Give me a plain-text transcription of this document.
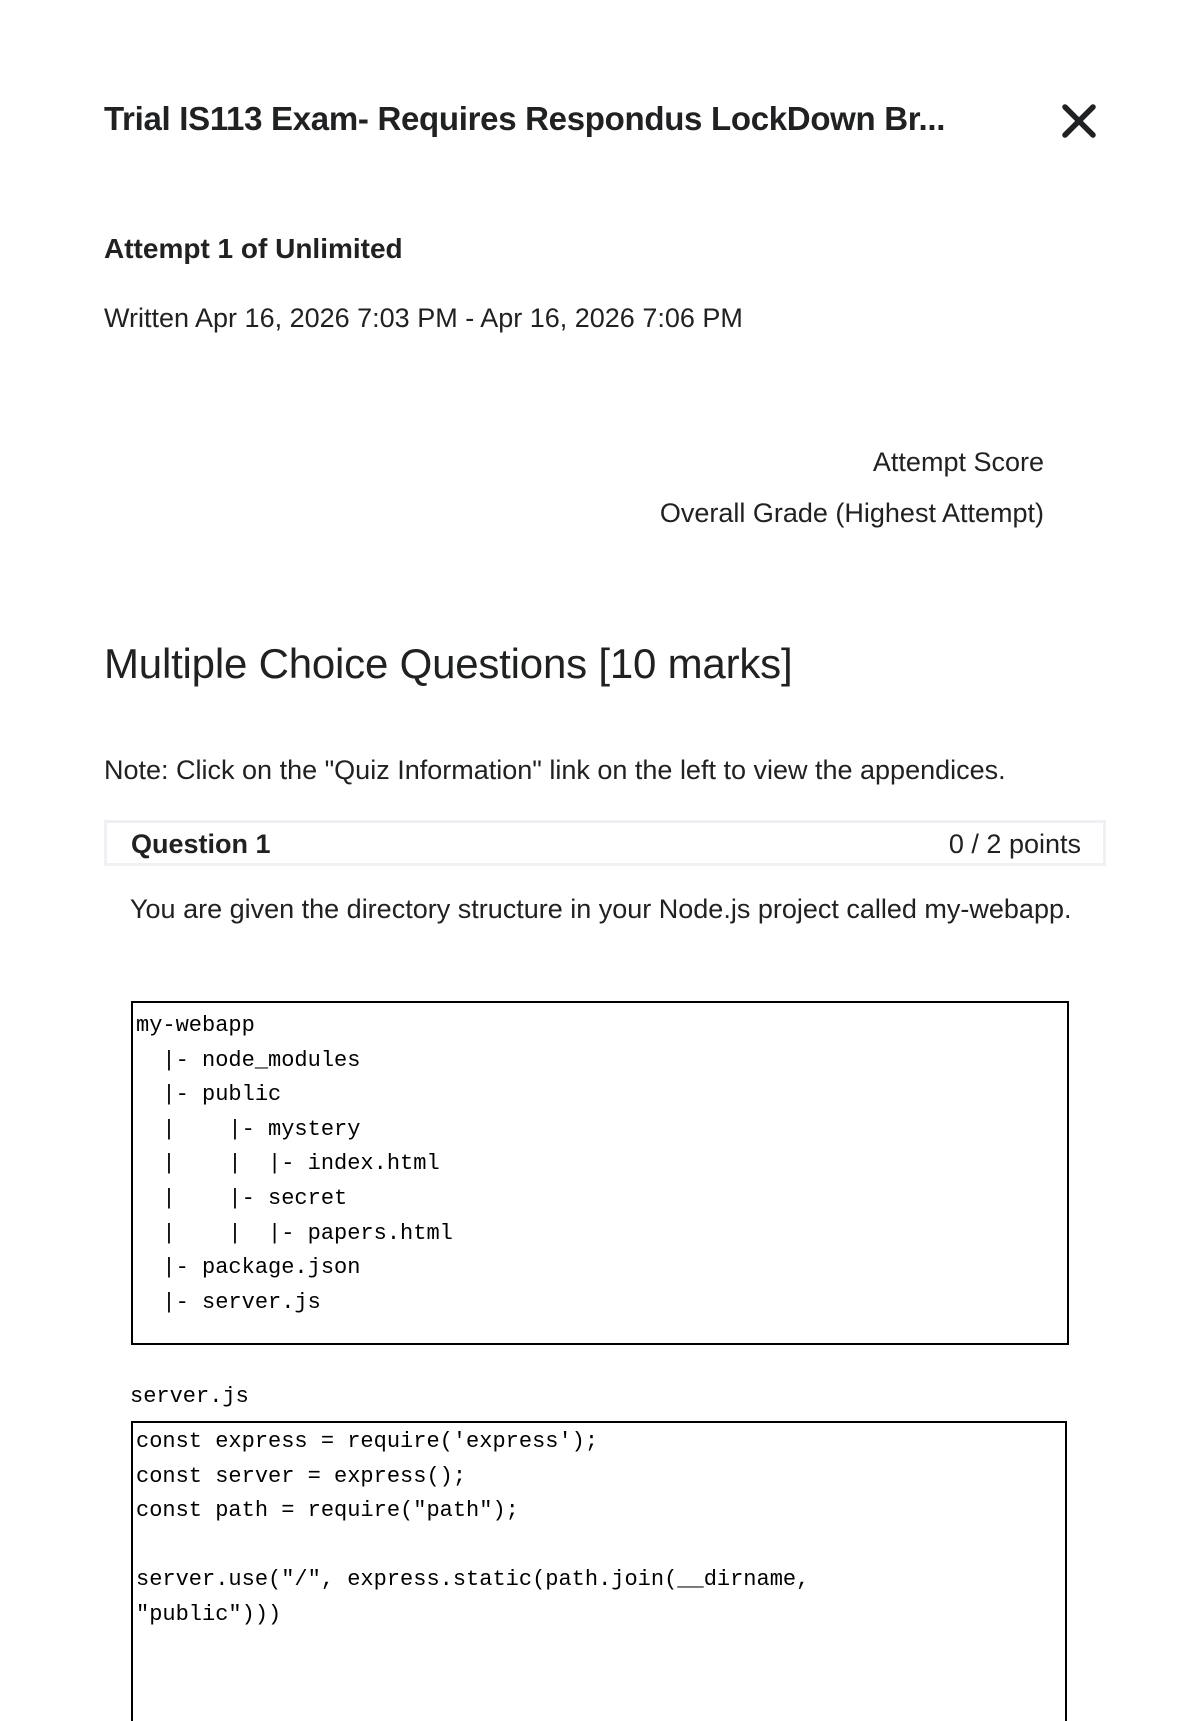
Trial IS113 Exam- Requires Respondus LockDown Br...
Attempt 1 of Unlimited
Written Apr 16, 2026 7:03 PM - Apr 16, 2026 7:06 PM
Attempt Score
Overall Grade (Highest Attempt)
Multiple Choice Questions [10 marks]
Note: Click on the "Quiz Information" link on the left to view the appendices.
Question 1	0 / 2 points
You are given the directory structure in your Node.js project called my-webapp.
my-webapp
|- node_modules
|- public
|    |- mystery
|    |  |- index.html
|    |- secret
|    |  |- papers.html
|- package.json
|- server.js
server.js
const express = require('express');
const server = express();
const path = require("path");

server.use("/", express.static(path.join(__dirname,
"public")))
